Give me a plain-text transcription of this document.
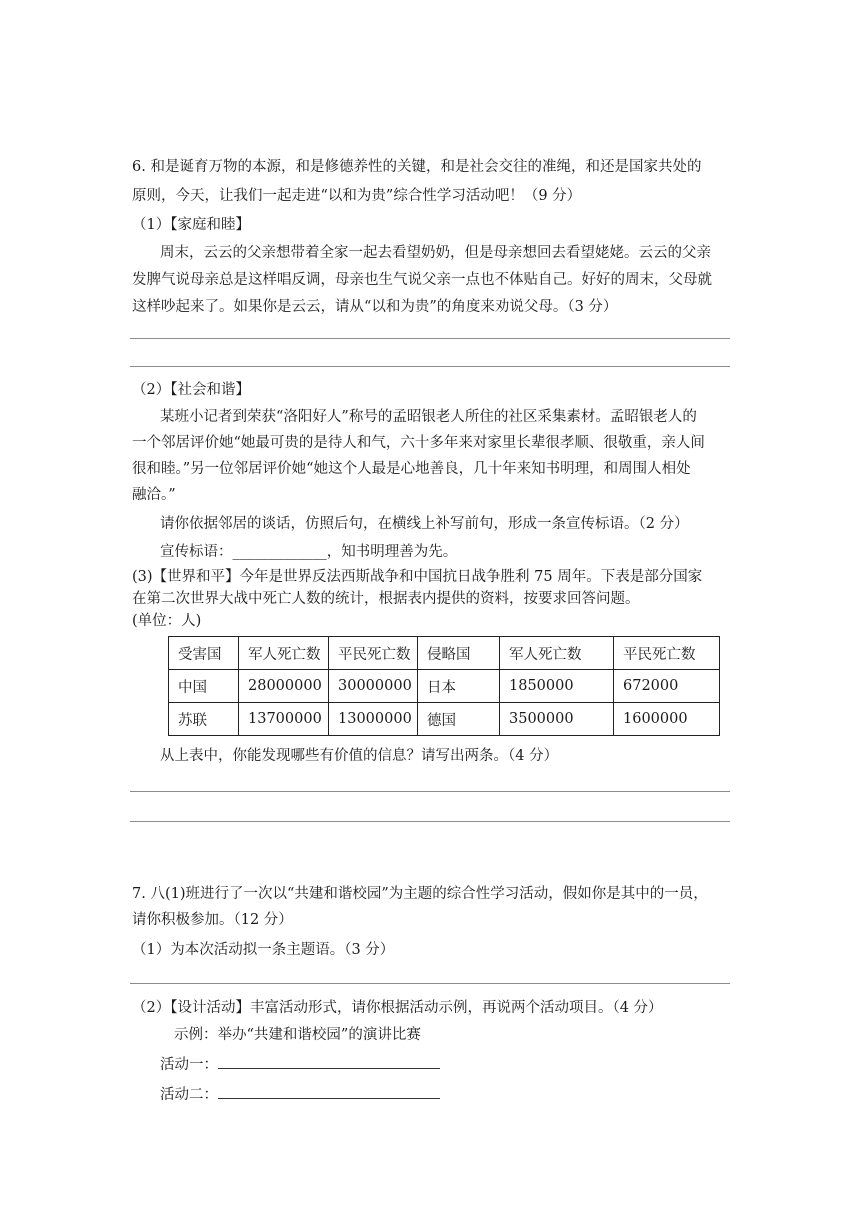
6. 和是诞育万物的本源，和是修德养性的关键，和是社会交往的准绳，和还是国家共处的
原则，今天，让我们一起走进“以和为贵”综合性学习活动吧！（9 分）
（1）【家庭和睦】
周末，云云的父亲想带着全家一起去看望奶奶，但是母亲想回去看望姥姥。云云的父亲
发脾气说母亲总是这样唱反调，母亲也生气说父亲一点也不体贴自己。好好的周末，父母就
这样吵起来了。如果你是云云，请从“以和为贵”的角度来劝说父母。（3 分）
（2）【社会和谐】
某班小记者到荣获“洛阳好人”称号的孟昭银老人所住的社区采集素材。孟昭银老人的
一个邻居评价她“她最可贵的是待人和气，六十多年来对家里长辈很孝顺、很敬重，亲人间
很和睦。”另一位邻居评价她“她这个人最是心地善良，几十年来知书明理，和周围人相处
融洽。”
请你依据邻居的谈话，仿照后句，在横线上补写前句，形成一条宣传标语。（2 分）
宣传标语：_____________，知书明理善为先。
(3)【世界和平】今年是世界反法西斯战争和中国抗日战争胜利 75 周年。下表是部分国家
在第二次世界大战中死亡人数的统计，根据表内提供的资料，按要求回答问题。
(单位：人)
受害国	军人死亡数	平民死亡数	侵略国	军人死亡数	平民死亡数
中国	28000000	30000000	日本	1850000	672000
苏联	13700000	13000000	德国	3500000	1600000
从上表中，你能发现哪些有价值的信息？请写出两条。（4 分）
7. 八(1)班进行了一次以“共建和谐校园”为主题的综合性学习活动，假如你是其中的一员，
请你积极参加。（12 分）
（1）为本次活动拟一条主题语。（3 分）
（2）【设计活动】丰富活动形式，请你根据活动示例，再说两个活动项目。（4 分）
示例：举办“共建和谐校园”的演讲比赛
活动一：
活动二：
